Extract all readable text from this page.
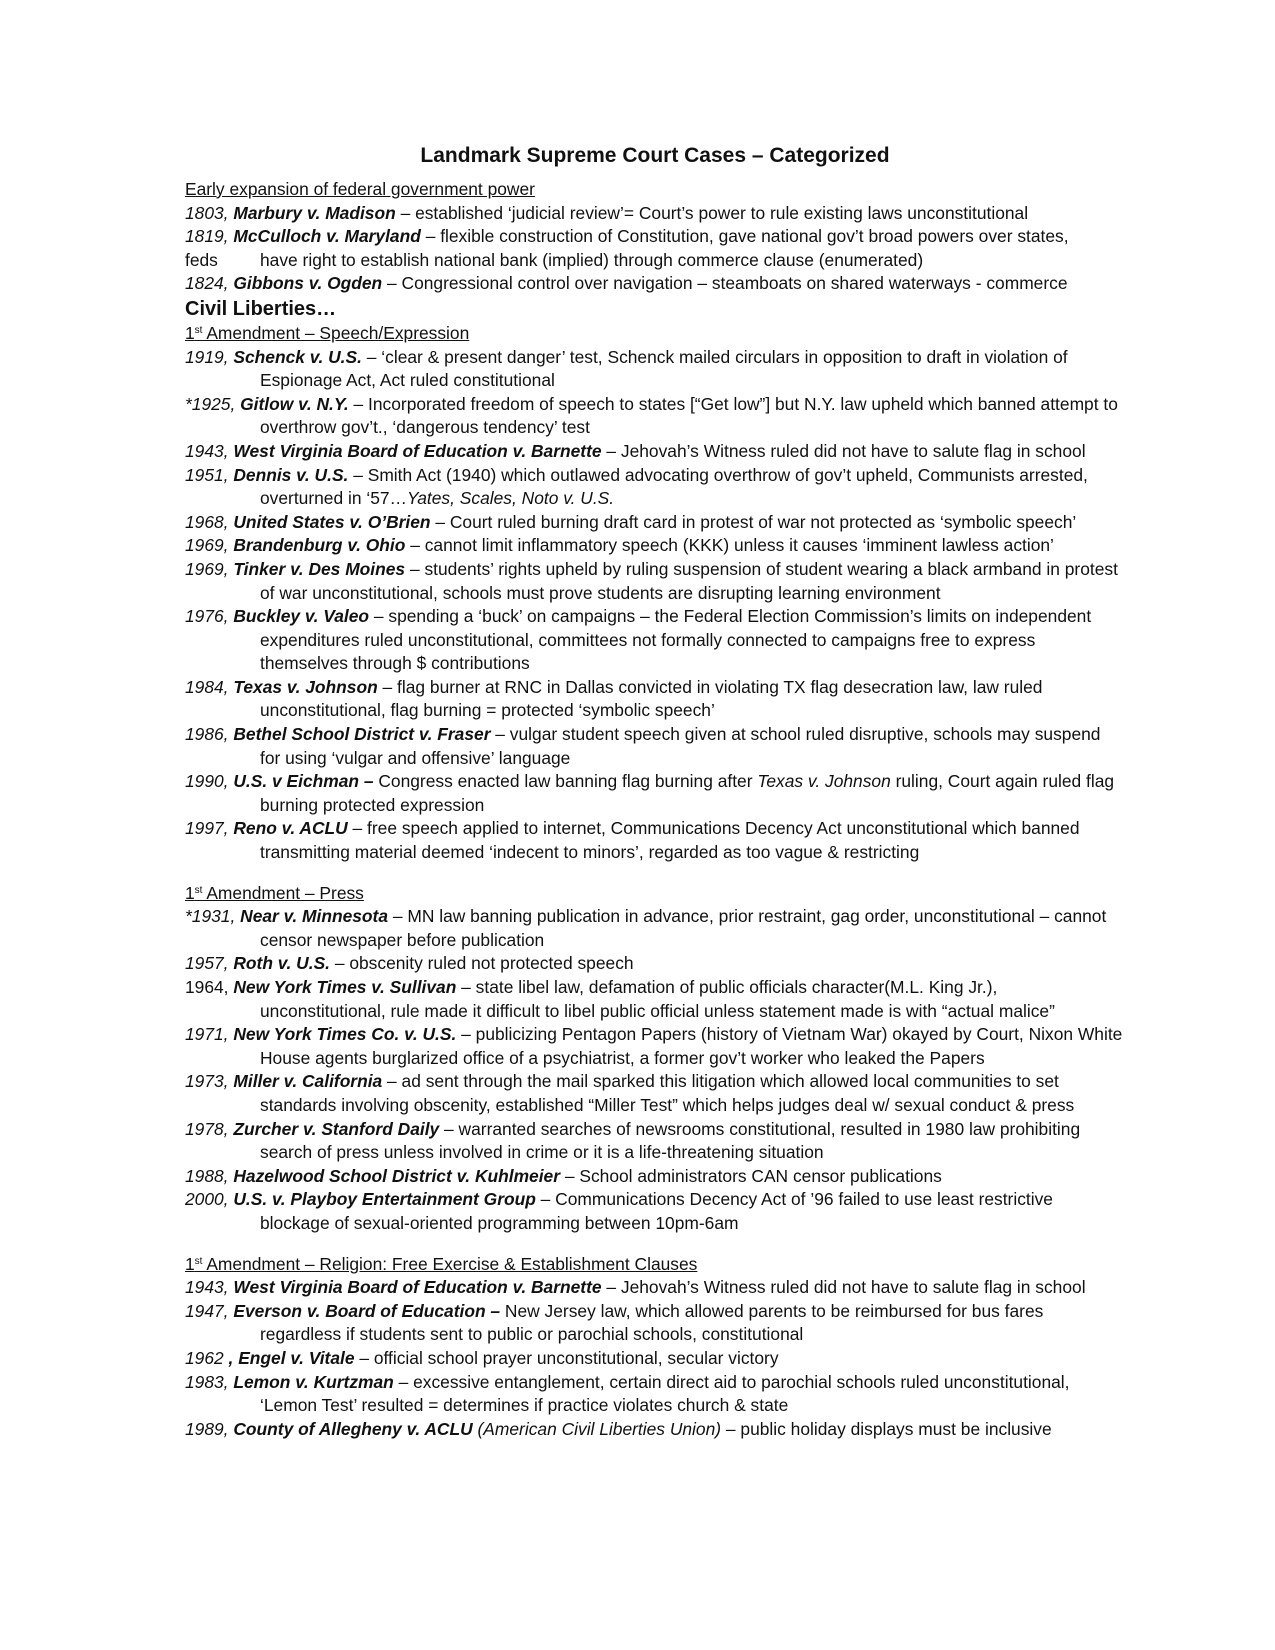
Landmark Supreme Court Cases – Categorized

Early expansion of federal government power

1803, Marbury v. Madison – established ‘judicial review’= Court’s power to rule existing laws unconstitutional

1819, McCulloch v. Maryland – flexible construction of Constitution, gave national gov’t broad powers over states,

feds have right to establish national bank (implied) through commerce clause (enumerated)

1824, Gibbons v. Ogden – Congressional control over navigation – steamboats on shared waterways - commerce

Civil Liberties…

1st Amendment – Speech/Expression

1919, Schenck v. U.S. – ‘clear & present danger’ test, Schenck mailed circulars in opposition to draft in violation of Espionage Act, Act ruled constitutional

*1925, Gitlow v. N.Y. – Incorporated freedom of speech to states [“Get low”] but N.Y. law upheld which banned attempt to overthrow gov’t., ‘dangerous tendency’ test

1943, West Virginia Board of Education v. Barnette – Jehovah’s Witness ruled did not have to salute flag in school

1951, Dennis v. U.S. – Smith Act (1940) which outlawed advocating overthrow of gov’t upheld, Communists arrested, overturned in ‘57…Yates, Scales, Noto v. U.S.

1968, United States v. O’Brien – Court ruled burning draft card in protest of war not protected as ‘symbolic speech’

1969, Brandenburg v. Ohio – cannot limit inflammatory speech (KKK) unless it causes ‘imminent lawless action’

1969, Tinker v. Des Moines – students’ rights upheld by ruling suspension of student wearing a black armband in protest of war unconstitutional, schools must prove students are disrupting learning environment

1976, Buckley v. Valeo – spending a ‘buck’ on campaigns – the Federal Election Commission’s limits on independent expenditures ruled unconstitutional, committees not formally connected to campaigns free to express themselves through $ contributions

1984, Texas v. Johnson – flag burner at RNC in Dallas convicted in violating TX flag desecration law, law ruled unconstitutional, flag burning = protected ‘symbolic speech’

1986, Bethel School District v. Fraser – vulgar student speech given at school ruled disruptive, schools may suspend for using ‘vulgar and offensive’ language

1990, U.S. v Eichman – Congress enacted law banning flag burning after Texas v. Johnson ruling, Court again ruled flag burning protected expression

1997, Reno v. ACLU – free speech applied to internet, Communications Decency Act unconstitutional which banned transmitting material deemed ‘indecent to minors’, regarded as too vague & restricting

1st Amendment – Press

*1931, Near v. Minnesota – MN law banning publication in advance, prior restraint, gag order, unconstitutional – cannot censor newspaper before publication

1957, Roth v. U.S. – obscenity ruled not protected speech

1964, New York Times v. Sullivan – state libel law, defamation of public officials character(M.L. King Jr.), unconstitutional, rule made it difficult to libel public official unless statement made is with “actual malice”

1971, New York Times Co. v. U.S. – publicizing Pentagon Papers (history of Vietnam War) okayed by Court, Nixon White House agents burglarized office of a psychiatrist, a former gov’t worker who leaked the Papers

1973, Miller v. California – ad sent through the mail sparked this litigation which allowed local communities to set standards involving obscenity, established “Miller Test” which helps judges deal w/ sexual conduct & press

1978, Zurcher v. Stanford Daily – warranted searches of newsrooms constitutional, resulted in 1980 law prohibiting search of press unless involved in crime or it is a life-threatening situation

1988, Hazelwood School District v. Kuhlmeier – School administrators CAN censor publications

2000, U.S. v. Playboy Entertainment Group – Communications Decency Act of ’96 failed to use least restrictive blockage of sexual-oriented programming between 10pm-6am

1st Amendment – Religion: Free Exercise & Establishment Clauses

1943, West Virginia Board of Education v. Barnette – Jehovah’s Witness ruled did not have to salute flag in school

1947, Everson v. Board of Education – New Jersey law, which allowed parents to be reimbursed for bus fares regardless if students sent to public or parochial schools, constitutional

1962 , Engel v. Vitale – official school prayer unconstitutional, secular victory

1983, Lemon v. Kurtzman – excessive entanglement, certain direct aid to parochial schools ruled unconstitutional, ‘Lemon Test’ resulted = determines if practice violates church & state

1989, County of Allegheny v. ACLU (American Civil Liberties Union) – public holiday displays must be inclusive
